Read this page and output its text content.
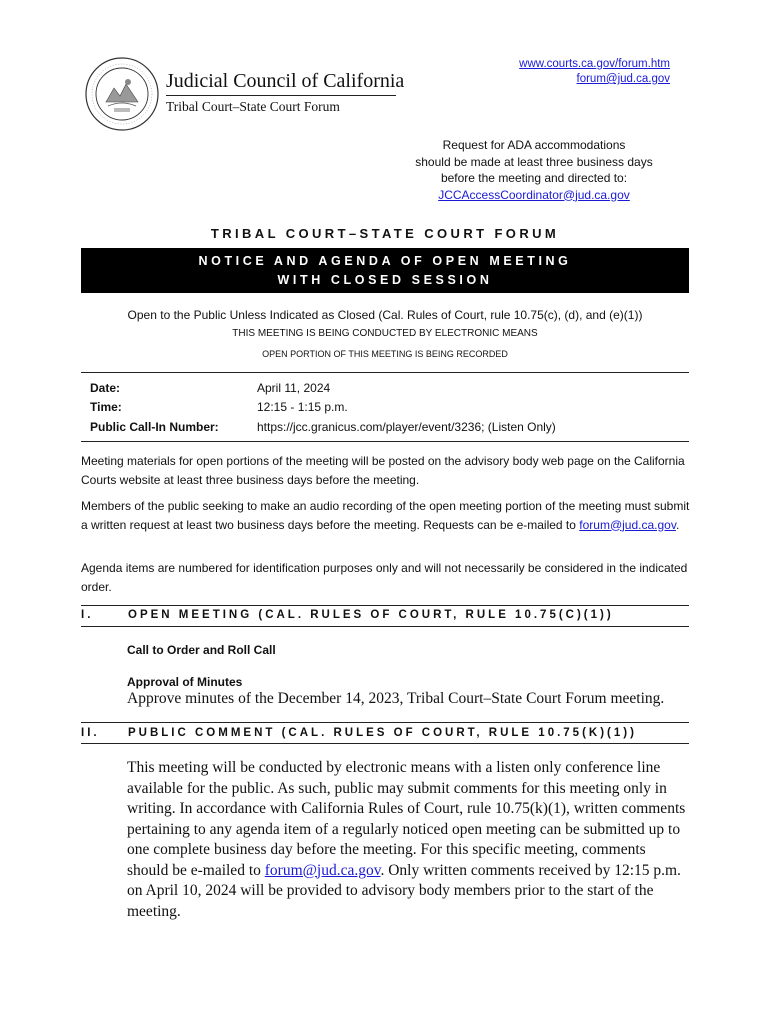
Judicial Council of California
Tribal Court–State Court Forum
www.courts.ca.gov/forum.htm
forum@jud.ca.gov
Request for ADA accommodations
should be made at least three business days
before the meeting and directed to:
JCCAccessCoordinator@jud.ca.gov
TRIBAL COURT–STATE COURT FORUM
NOTICE AND AGENDA OF OPEN MEETING
WITH CLOSED SESSION
Open to the Public Unless Indicated as Closed (Cal. Rules of Court, rule 10.75(c), (d), and (e)(1))
THIS MEETING IS BEING CONDUCTED BY ELECTRONIC MEANS
OPEN PORTION OF THIS MEETING IS BEING RECORDED
Date:	April 11, 2024
Time:	12:15 - 1:15 p.m.
Public Call-In Number:	https://jcc.granicus.com/player/event/3236; (Listen Only)
Meeting materials for open portions of the meeting will be posted on the advisory body web page on the California Courts website at least three business days before the meeting.
Members of the public seeking to make an audio recording of the open meeting portion of the meeting must submit a written request at least two business days before the meeting. Requests can be e-mailed to forum@jud.ca.gov.
Agenda items are numbered for identification purposes only and will not necessarily be considered in the indicated order.
I.	OPEN MEETING (CAL. RULES OF COURT, RULE 10.75(C)(1))
Call to Order and Roll Call
Approval of Minutes
Approve minutes of the December 14, 2023, Tribal Court–State Court Forum meeting.
II. PUBLIC COMMENT (CAL. RULES OF COURT, RULE 10.75(K)(1))
This meeting will be conducted by electronic means with a listen only conference line available for the public. As such, public may submit comments for this meeting only in writing. In accordance with California Rules of Court, rule 10.75(k)(1), written comments pertaining to any agenda item of a regularly noticed open meeting can be submitted up to one complete business day before the meeting. For this specific meeting, comments should be e-mailed to forum@jud.ca.gov. Only written comments received by 12:15 p.m. on April 10, 2024 will be provided to advisory body members prior to the start of the meeting.
